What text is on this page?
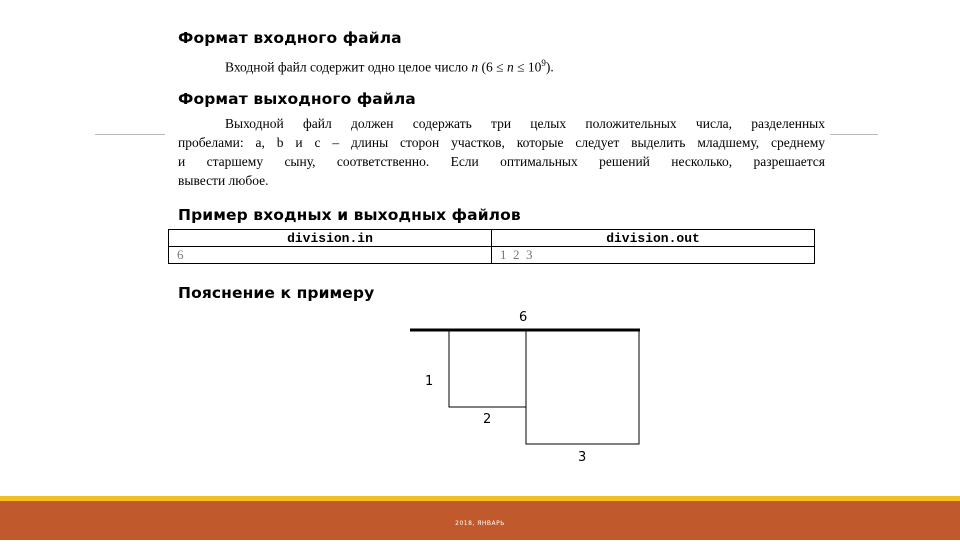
Формат входного файла
Входной файл содержит одно целое число n $(6 \le n \le 10^9)$.
Формат выходного файла
Выходной файл должен содержать три целых положительных числа, разделенных
пробелами: a, b и c – длины сторон участков, которые следует выделить младшему, среднему
и старшему сыну, соответственно. Если оптимальных решений несколько, разрешается
вывести любое.
Пример входных и выходных файлов
division.in	division.out
6	1  2  3
Пояснение к примеру
6
1
2
3
2018, ЯНВАРЬ
